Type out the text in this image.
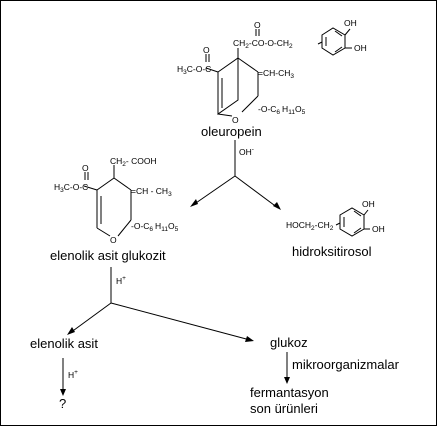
$CH_2-CO-O-CH_2$
O	OH
OH
O
$H_3C-O-C$	$=CH-CH_3$
$-O-C_6$ $H_{11}O_5$
O
oleuropein
OH-
$CH_2-$ COOH
O
$H_3C-O-C$	$=CH - CH_3$
$-O-C_6$ $H_{11}O_5$
O
elenolik asit glukozit
$HOCH_2-CH_2$
OH
OH
hidroksitirosol
H+
elenolik asit	glukoz
H+
?
mikroorganizmalar
fermantasyon
son ürünleri
